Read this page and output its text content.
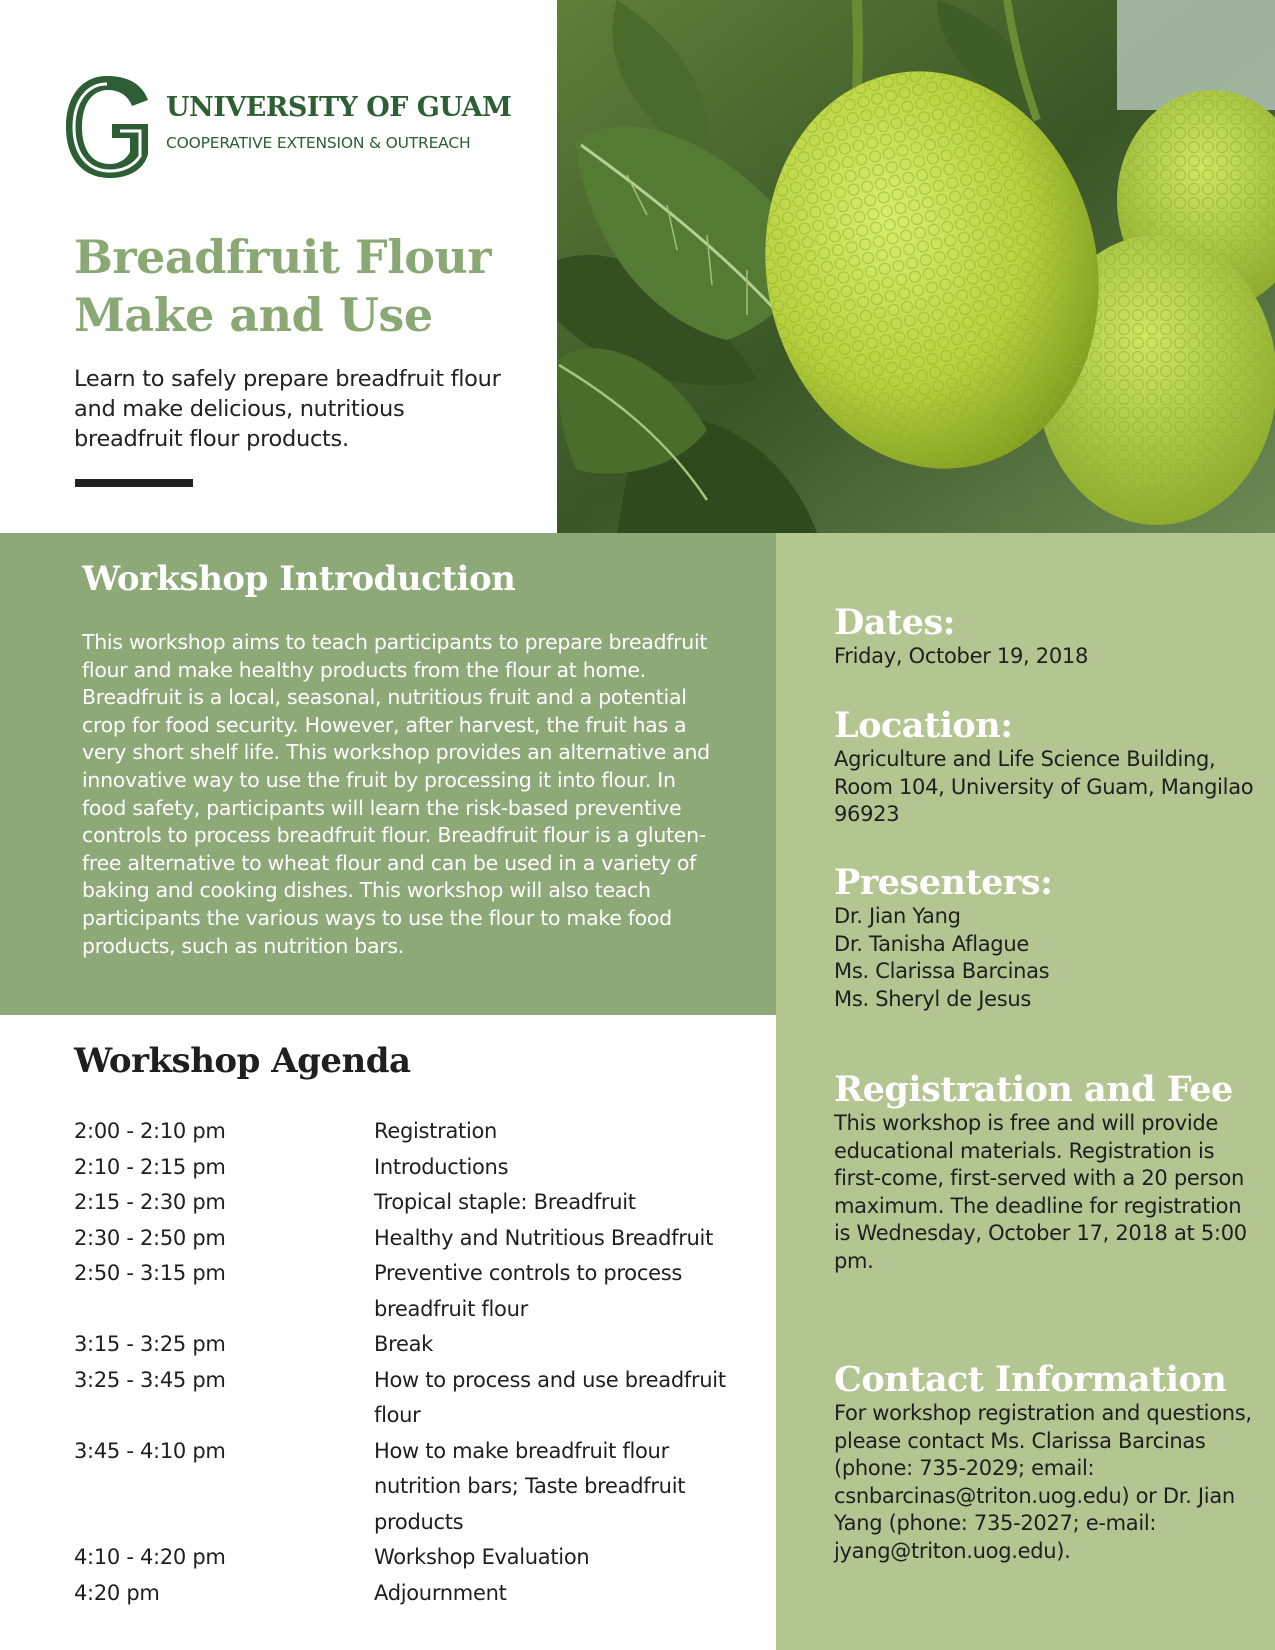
UNIVERSITY OF GUAM
COOPERATIVE EXTENSION & OUTREACH
Breadfruit Flour
Make and Use

Learn to safely prepare breadfruit flour and make delicious, nutritious breadfruit flour products.

Workshop Introduction

This workshop aims to teach participants to prepare breadfruit flour and make healthy products from the flour at home. Breadfruit is a local, seasonal, nutritious fruit and a potential crop for food security. However, after harvest, the fruit has a very short shelf life. This workshop provides an alternative and innovative way to use the fruit by processing it into flour. In food safety, participants will learn the risk-based preventive controls to process breadfruit flour. Breadfruit flour is a gluten-free alternative to wheat flour and can be used in a variety of baking and cooking dishes. This workshop will also teach participants the various ways to use the flour to make food products, such as nutrition bars.

Workshop Agenda
2:00 - 2:10 pm	Registration
2:10 - 2:15 pm	Introductions
2:15 - 2:30 pm	Tropical staple: Breadfruit
2:30 - 2:50 pm	Healthy and Nutritious Breadfruit
2:50 - 3:15 pm	Preventive controls to process breadfruit flour
3:15 - 3:25 pm	Break
3:25 - 3:45 pm	How to process and use breadfruit flour
3:45 - 4:10 pm	How to make breadfruit flour nutrition bars; Taste breadfruit products
4:10 - 4:20 pm	Workshop Evaluation
4:20 pm	Adjournment
Dates:

Friday, October 19, 2018

Location:

Agriculture and Life Science Building, Room 104, University of Guam, Mangilao 96923

Presenters:
Dr. Jian Yang
Dr. Tanisha Aflague
Ms. Clarissa Barcinas
Ms. Sheryl de Jesus
Registration and Fee

This workshop is free and will provide educational materials. Registration is first-come, first-served with a 20 person maximum. The deadline for registration is Wednesday, October 17, 2018 at 5:00 pm.

Contact Information

For workshop registration and questions, please contact Ms. Clarissa Barcinas (phone: 735-2029; email: csnbarcinas@triton.uog.edu) or Dr. Jian Yang (phone: 735-2027; e-mail: jyang@triton.uog.edu).
